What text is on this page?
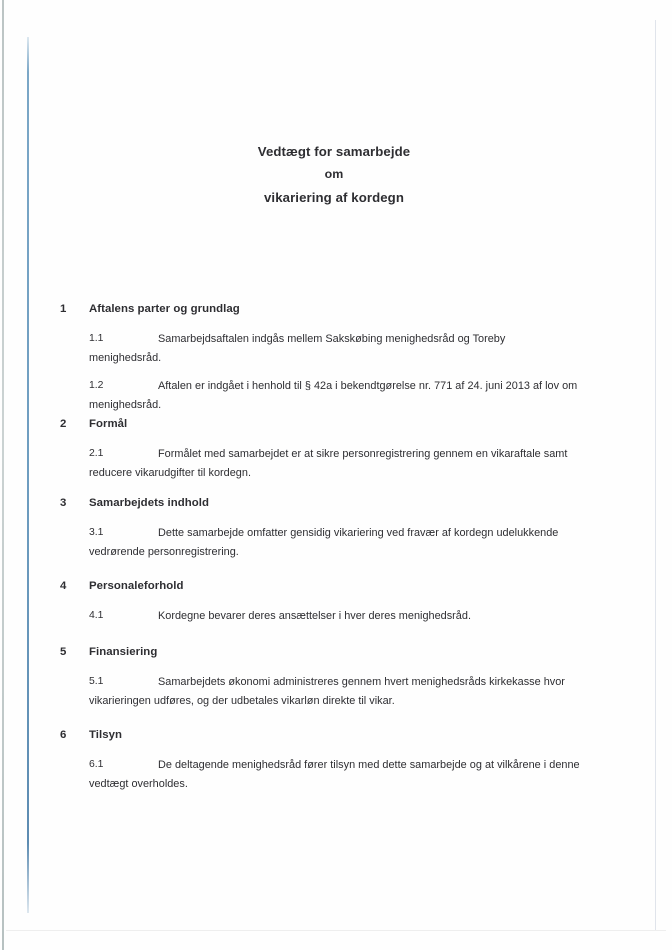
Vedtægt for samarbejde
om
vikariering af kordegn
1 Aftalens parter og grundlag
1.1	Samarbejdsaftalen indgås mellem Sakskøbing menighedsråd og Toreby menighedsråd.
1.2	Aftalen er indgået i henhold til § 42a i bekendtgørelse nr. 771 af 24. juni 2013 af lov om menighedsråd.
2 Formål
2.1	Formålet med samarbejdet er at sikre personregistrering gennem en vikaraftale samt reducere vikarudgifter til kordegn.
3 Samarbejdets indhold
3.1	Dette samarbejde omfatter gensidig vikariering ved fravær af kordegn udelukkende vedrørende personregistrering.
4 Personaleforhold
4.1	Kordegne bevarer deres ansættelser i hver deres menighedsråd.
5 Finansiering
5.1	Samarbejdets økonomi administreres gennem hvert menighedsråds kirkekasse hvor vikarieringen udføres, og der udbetales vikarløn direkte til vikar.
6 Tilsyn
6.1	De deltagende menighedsråd fører tilsyn med dette samarbejde og at vilkårene i denne vedtægt overholdes.
